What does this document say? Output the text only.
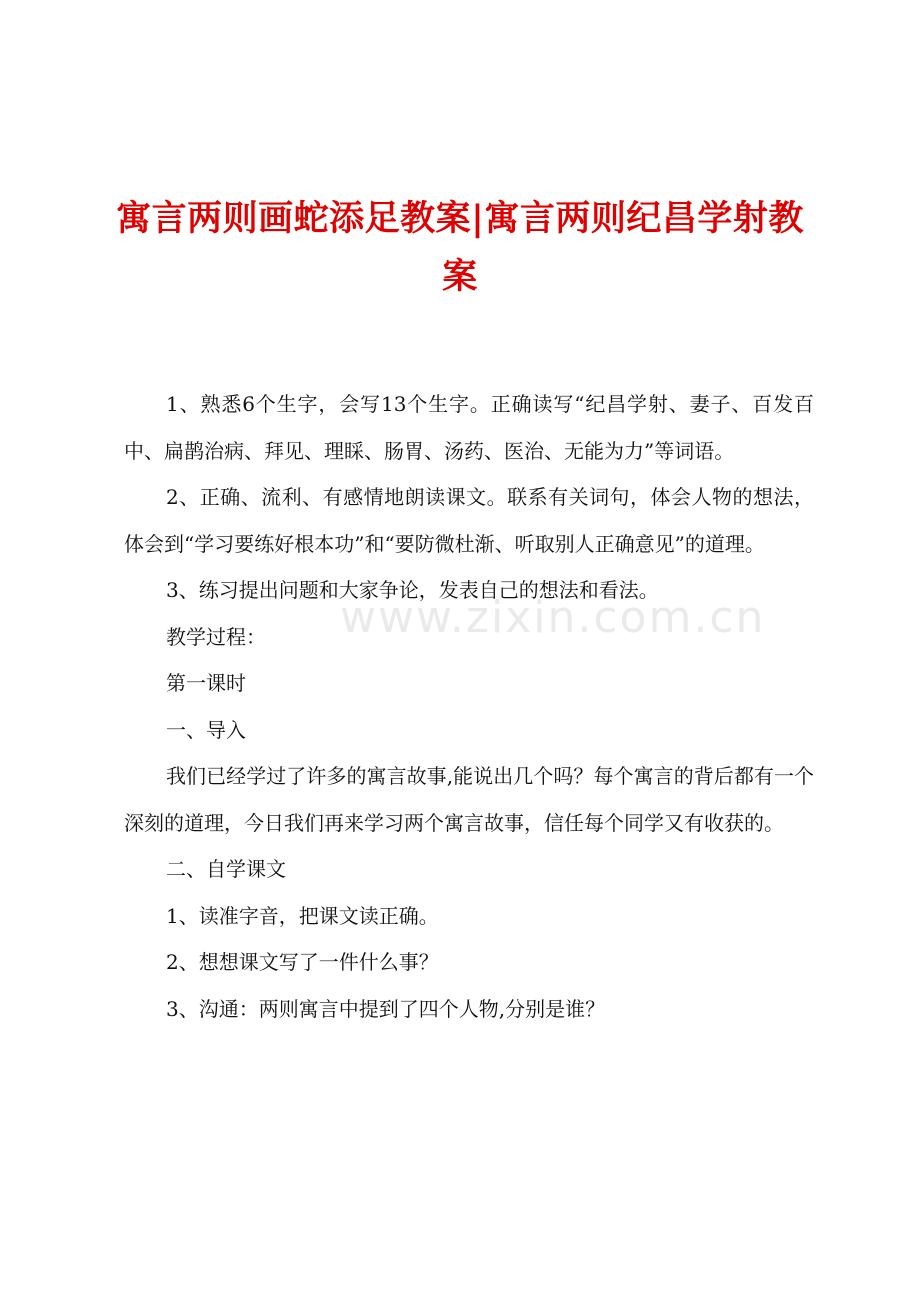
寓言两则画蛇添足教案|寓言两则纪昌学射教案
www.zixin.com.cn

1、熟悉6个生字，会写13个生字。正确读写“纪昌学射、妻子、百发百中、扁鹊治病、拜见、理睬、肠胃、汤药、医治、无能为力”等词语。

2、正确、流利、有感情地朗读课文。联系有关词句，体会人物的想法，体会到“学习要练好根本功”和“要防微杜渐、听取别人正确意见”的道理。

3、练习提出问题和大家争论，发表自己的想法和看法。

教学过程：

第一课时

一、导入

我们已经学过了许多的寓言故事,能说出几个吗？每个寓言的背后都有一个深刻的道理，今日我们再来学习两个寓言故事，信任每个同学又有收获的。

二、自学课文

1、读准字音，把课文读正确。

2、想想课文写了一件什么事？

3、沟通：两则寓言中提到了四个人物,分别是谁？
